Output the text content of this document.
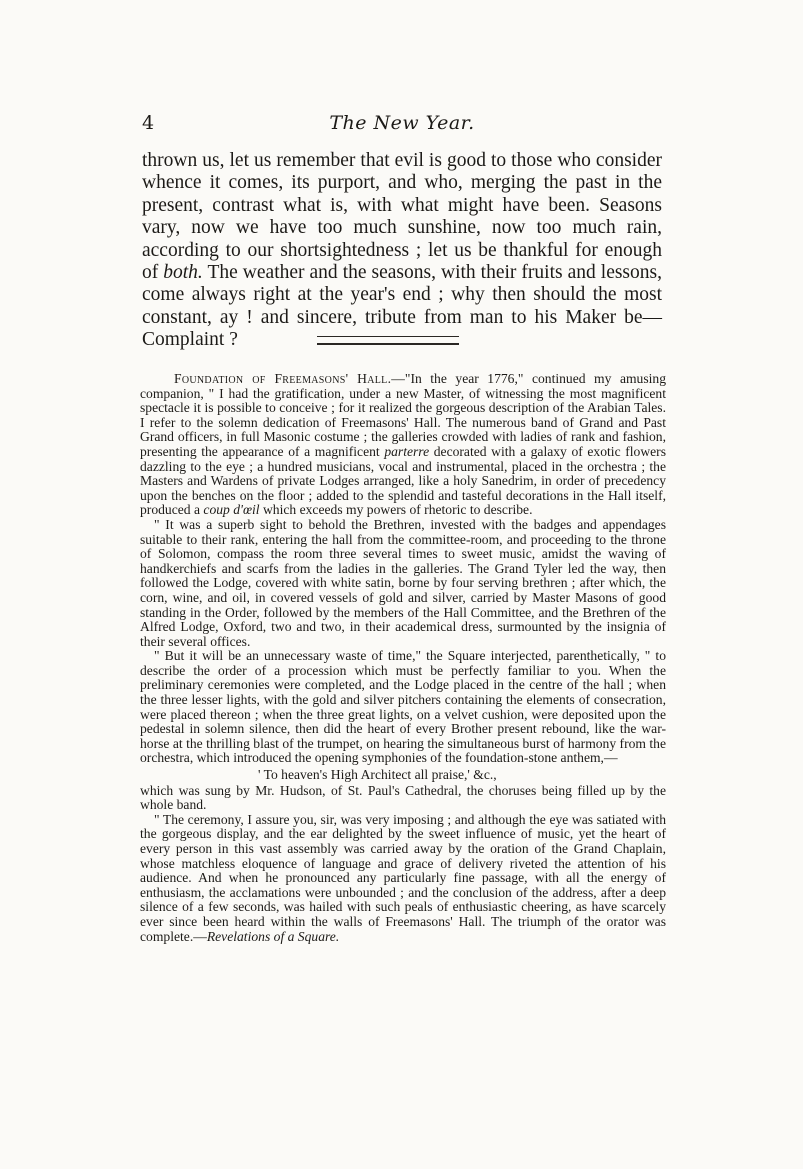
4	The New Year.

thrown us, let us remember that evil is good to those who consider whence it comes, its purport, and who, merging the past in the present, contrast what is, with what might have been. Seasons vary, now we have too much sunshine, now too much rain, according to our shortsightedness ; let us be thankful for enough of both. The weather and the seasons, with their fruits and lessons, come always right at the year's end ; why then should the most constant, ay ! and sincere, tribute from man to his Maker be—Complaint ?

Foundation of Freemasons' Hall.—"In the year 1776," continued my amusing companion, " I had the gratification, under a new Master, of witnessing the most magnificent spectacle it is possible to conceive ; for it realized the gorgeous description of the Arabian Tales. I refer to the solemn dedication of Freemasons' Hall. The numerous band of Grand and Past Grand officers, in full Masonic costume ; the galleries crowded with ladies of rank and fashion, presenting the appearance of a magnificent parterre decorated with a galaxy of exotic flowers dazzling to the eye ; a hundred musicians, vocal and instrumental, placed in the orchestra ; the Masters and Wardens of private Lodges arranged, like a holy Sanedrim, in order of precedency upon the benches on the floor ; added to the splendid and tasteful decorations in the Hall itself, produced a coup d'œil which exceeds my powers of rhetoric to describe.

" It was a superb sight to behold the Brethren, invested with the badges and appendages suitable to their rank, entering the hall from the committee-room, and proceeding to the throne of Solomon, compass the room three several times to sweet music, amidst the waving of handkerchiefs and scarfs from the ladies in the galleries. The Grand Tyler led the way, then followed the Lodge, covered with white satin, borne by four serving brethren ; after which, the corn, wine, and oil, in covered vessels of gold and silver, carried by Master Masons of good standing in the Order, followed by the members of the Hall Committee, and the Brethren of the Alfred Lodge, Oxford, two and two, in their academical dress, surmounted by the insignia of their several offices.

" But it will be an unnecessary waste of time," the Square interjected, parenthetically, " to describe the order of a procession which must be perfectly familiar to you. When the preliminary ceremonies were completed, and the Lodge placed in the centre of the hall ; when the three lesser lights, with the gold and silver pitchers containing the elements of consecration, were placed thereon ; when the three great lights, on a velvet cushion, were deposited upon the pedestal in solemn silence, then did the heart of every Brother present rebound, like the war-horse at the thrilling blast of the trumpet, on hearing the simultaneous burst of harmony from the orchestra, which introduced the opening symphonies of the foundation-stone anthem,—

' To heaven's High Architect all praise,' &c.,

which was sung by Mr. Hudson, of St. Paul's Cathedral, the choruses being filled up by the whole band.

" The ceremony, I assure you, sir, was very imposing ; and although the eye was satiated with the gorgeous display, and the ear delighted by the sweet influence of music, yet the heart of every person in this vast assembly was carried away by the oration of the Grand Chaplain, whose matchless eloquence of language and grace of delivery riveted the attention of his audience. And when he pronounced any particularly fine passage, with all the energy of enthusiasm, the acclamations were unbounded ; and the conclusion of the address, after a deep silence of a few seconds, was hailed with such peals of enthusiastic cheering, as have scarcely ever since been heard within the walls of Freemasons' Hall. The triumph of the orator was complete.—Revelations of a Square.
